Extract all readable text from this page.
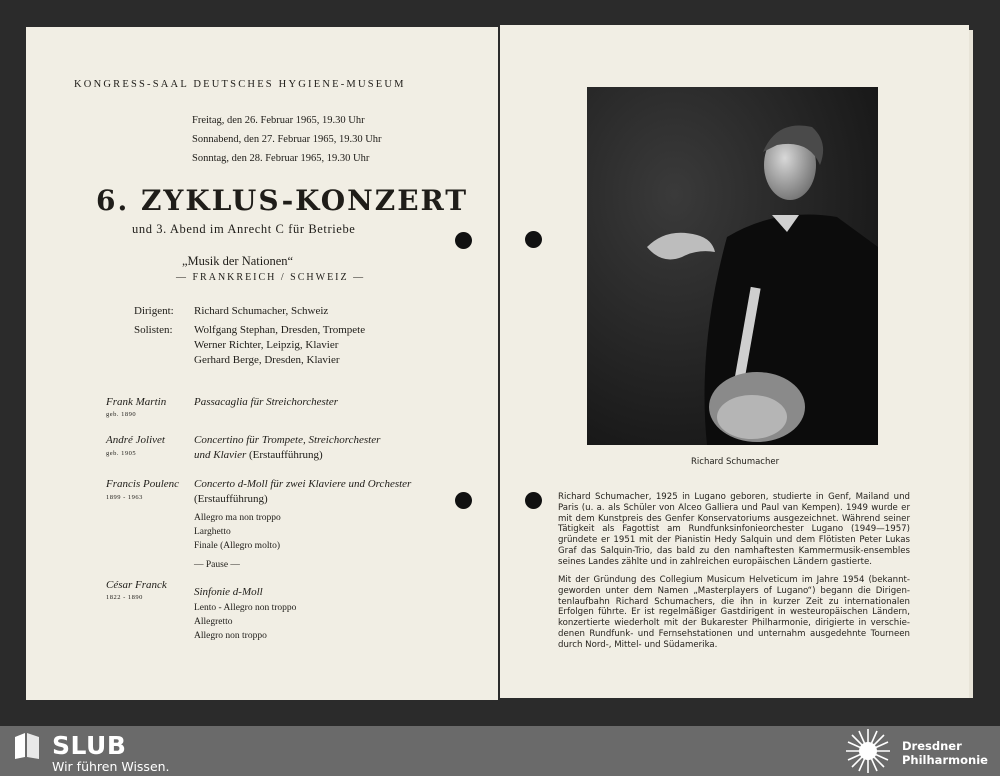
KONGRESS-SAAL DEUTSCHES HYGIENE-MUSEUM
Freitag, den 26. Februar 1965, 19.30 Uhr
Sonnabend, den 27. Februar 1965, 19.30 Uhr
Sonntag, den 28. Februar 1965, 19.30 Uhr
6. ZYKLUS-KONZERT
und 3. Abend im Anrecht C für Betriebe
„Musik der Nationen“
— FRANKREICH / SCHWEIZ —
Dirigent: Richard Schumacher, Schweiz
Solisten: Wolfgang Stephan, Dresden, Trompete
Werner Richter, Leipzig, Klavier
Gerhard Berge, Dresden, Klavier
Frank Martin
geb. 1890
Passacaglia für Streichorchester
André Jolivet
geb. 1905
Concertino für Trompete, Streichorchester
und Klavier (Erstaufführung)
Francis Poulenc
1899 - 1963
Concerto d-Moll für zwei Klaviere und Orchester
(Erstaufführung)
Allegro ma non troppo
Larghetto
Finale (Allegro molto)
— Pause —
César Franck
1822 - 1890	Sinfonie d-Moll
Lento - Allegro non troppo
Allegretto
Allegro non troppo
Richard Schumacher
Richard Schumacher, 1925 in Lugano geboren, studierte in Genf, Mailand und Paris (u. a. als Schüler von Alceo Galliera und Paul van Kempen). 1949 wurde er mit dem Kunstpreis des Genfer Konservatoriums ausgezeichnet. Während seiner Tätigkeit als Fagottist am Rundfunksinfonieorchester Lugano (1949—1957) gründete er 1951 mit der Pianistin Hedy Salquin und dem Flötisten Peter Lukas Graf das Salquin-Trio, das bald zu den namhaftesten Kammermusik-ensembles seines Landes zählte und in zahlreichen europäischen Ländern gastierte.
Mit der Gründung des Collegium Musicum Helveticum im Jahre 1954 (bekannt-geworden unter dem Namen „Masterplayers of Lugano“) begann die Dirigen-tenlaufbahn Richard Schumachers, die ihn in kurzer Zeit zu internationalen Erfolgen führte. Er ist regelmäßiger Gastdirigent in westeuropäischen Ländern, konzertierte wiederholt mit der Bukarester Philharmonie, dirigierte in verschie-denen Rundfunk- und Fernsehstationen und unternahm ausgedehnte Tourneen durch Nord-, Mittel- und Südamerika.
SLUB
Wir führen Wissen.
Dresdner
Philharmonie
